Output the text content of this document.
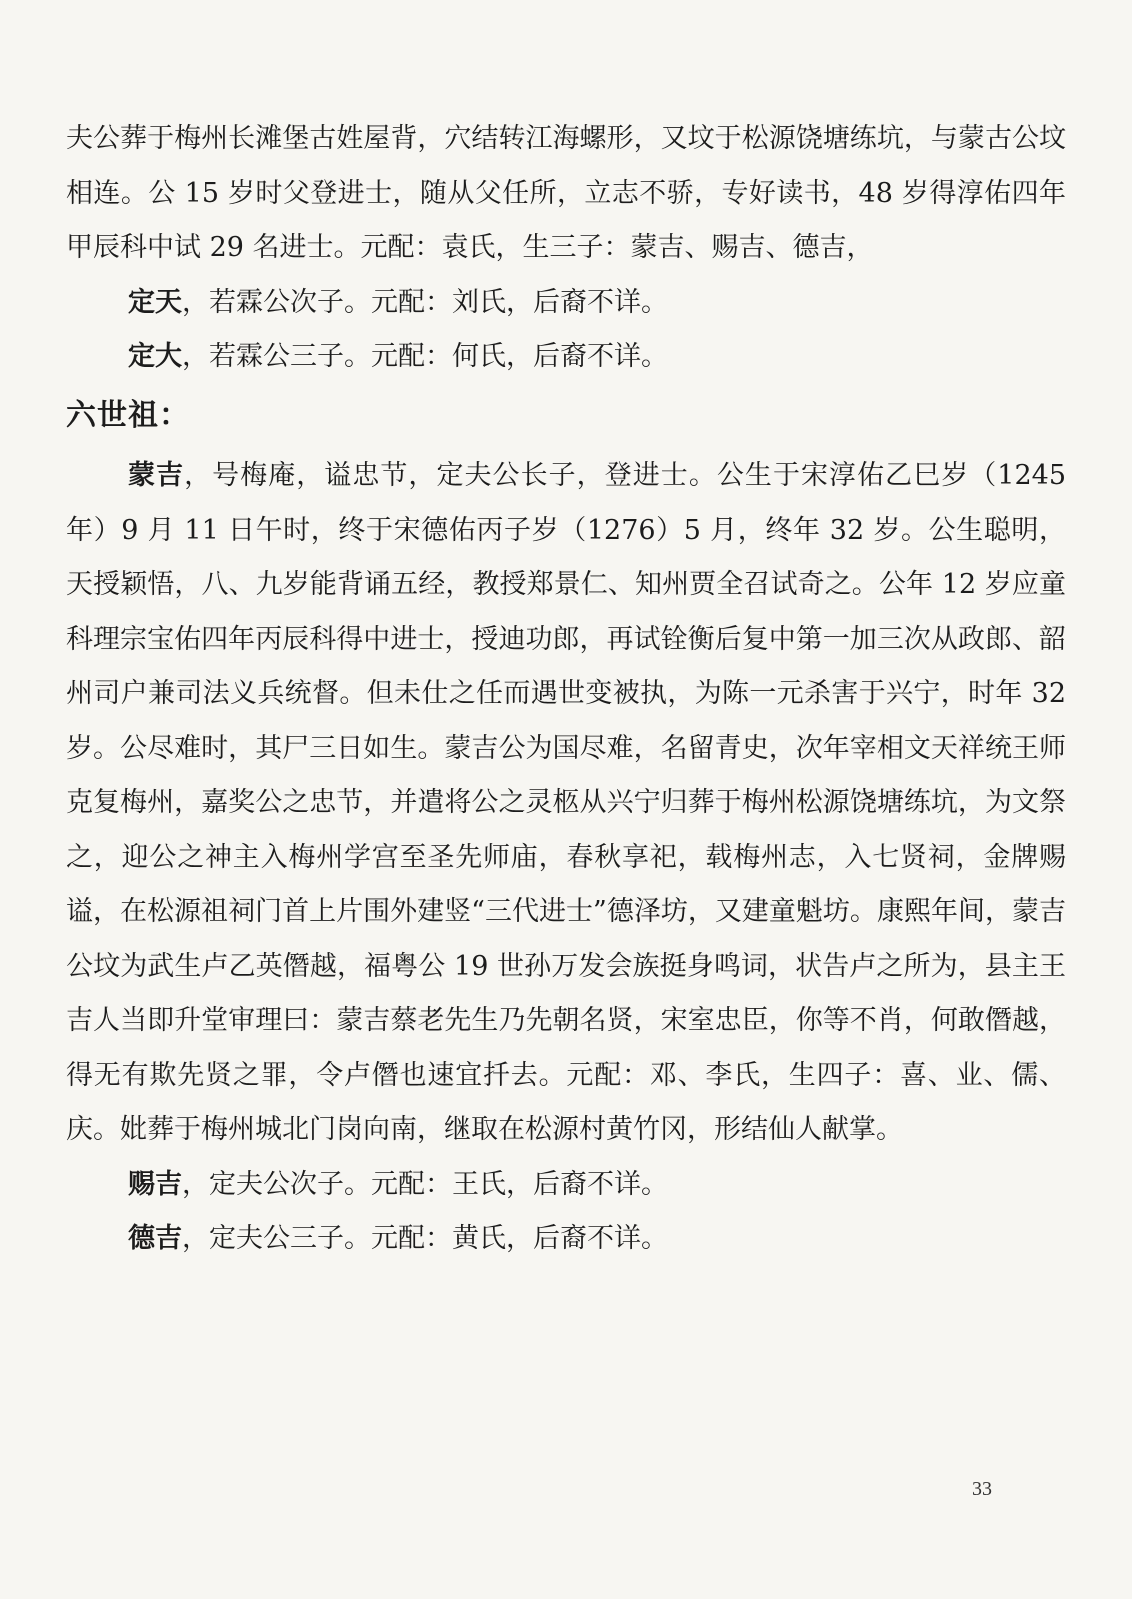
夫公葬于梅州长滩堡古姓屋背，穴结转江海螺形，又坟于松源饶塘练坑，与蒙古公坟相连。公 15 岁时父登进士，随从父任所，立志不骄，专好读书，48 岁得淳佑四年甲辰科中试 29 名进士。元配：袁氏，生三子：蒙吉、赐吉、德吉，

定天，若霖公次子。元配：刘氏，后裔不详。

定大，若霖公三子。元配：何氏，后裔不详。

六世祖：

蒙吉，号梅庵，谥忠节，定夫公长子，登进士。公生于宋淳佑乙巳岁（1245 年）9 月 11 日午时，终于宋德佑丙子岁（1276）5 月，终年 32 岁。公生聪明，天授颖悟，八、九岁能背诵五经，教授郑景仁、知州贾全召试奇之。公年 12 岁应童科理宗宝佑四年丙辰科得中进士，授迪功郎，再试铨衡后复中第一加三次从政郎、韶州司户兼司法义兵统督。但未仕之任而遇世变被执，为陈一元杀害于兴宁，时年 32 岁。公尽难时，其尸三日如生。蒙吉公为国尽难，名留青史，次年宰相文天祥统王师克复梅州，嘉奖公之忠节，并遣将公之灵柩从兴宁归葬于梅州松源饶塘练坑，为文祭之，迎公之神主入梅州学宫至圣先师庙，春秋享祀，载梅州志，入七贤祠，金牌赐谥，在松源祖祠门首上片围外建竖“三代进士”德泽坊，又建童魁坊。康熙年间，蒙吉公坟为武生卢乙英僭越，福粤公 19 世孙万发会族挺身鸣词，状告卢之所为，县主王吉人当即升堂审理曰：蒙吉蔡老先生乃先朝名贤，宋室忠臣，你等不肖，何敢僭越，得无有欺先贤之罪，令卢僭也速宜扦去。元配：邓、李氏，生四子：喜、业、儒、庆。妣葬于梅州城北门岗向南，继取在松源村黄竹冈，形结仙人献掌。

赐吉，定夫公次子。元配：王氏，后裔不详。

德吉，定夫公三子。元配：黄氏，后裔不详。

33
